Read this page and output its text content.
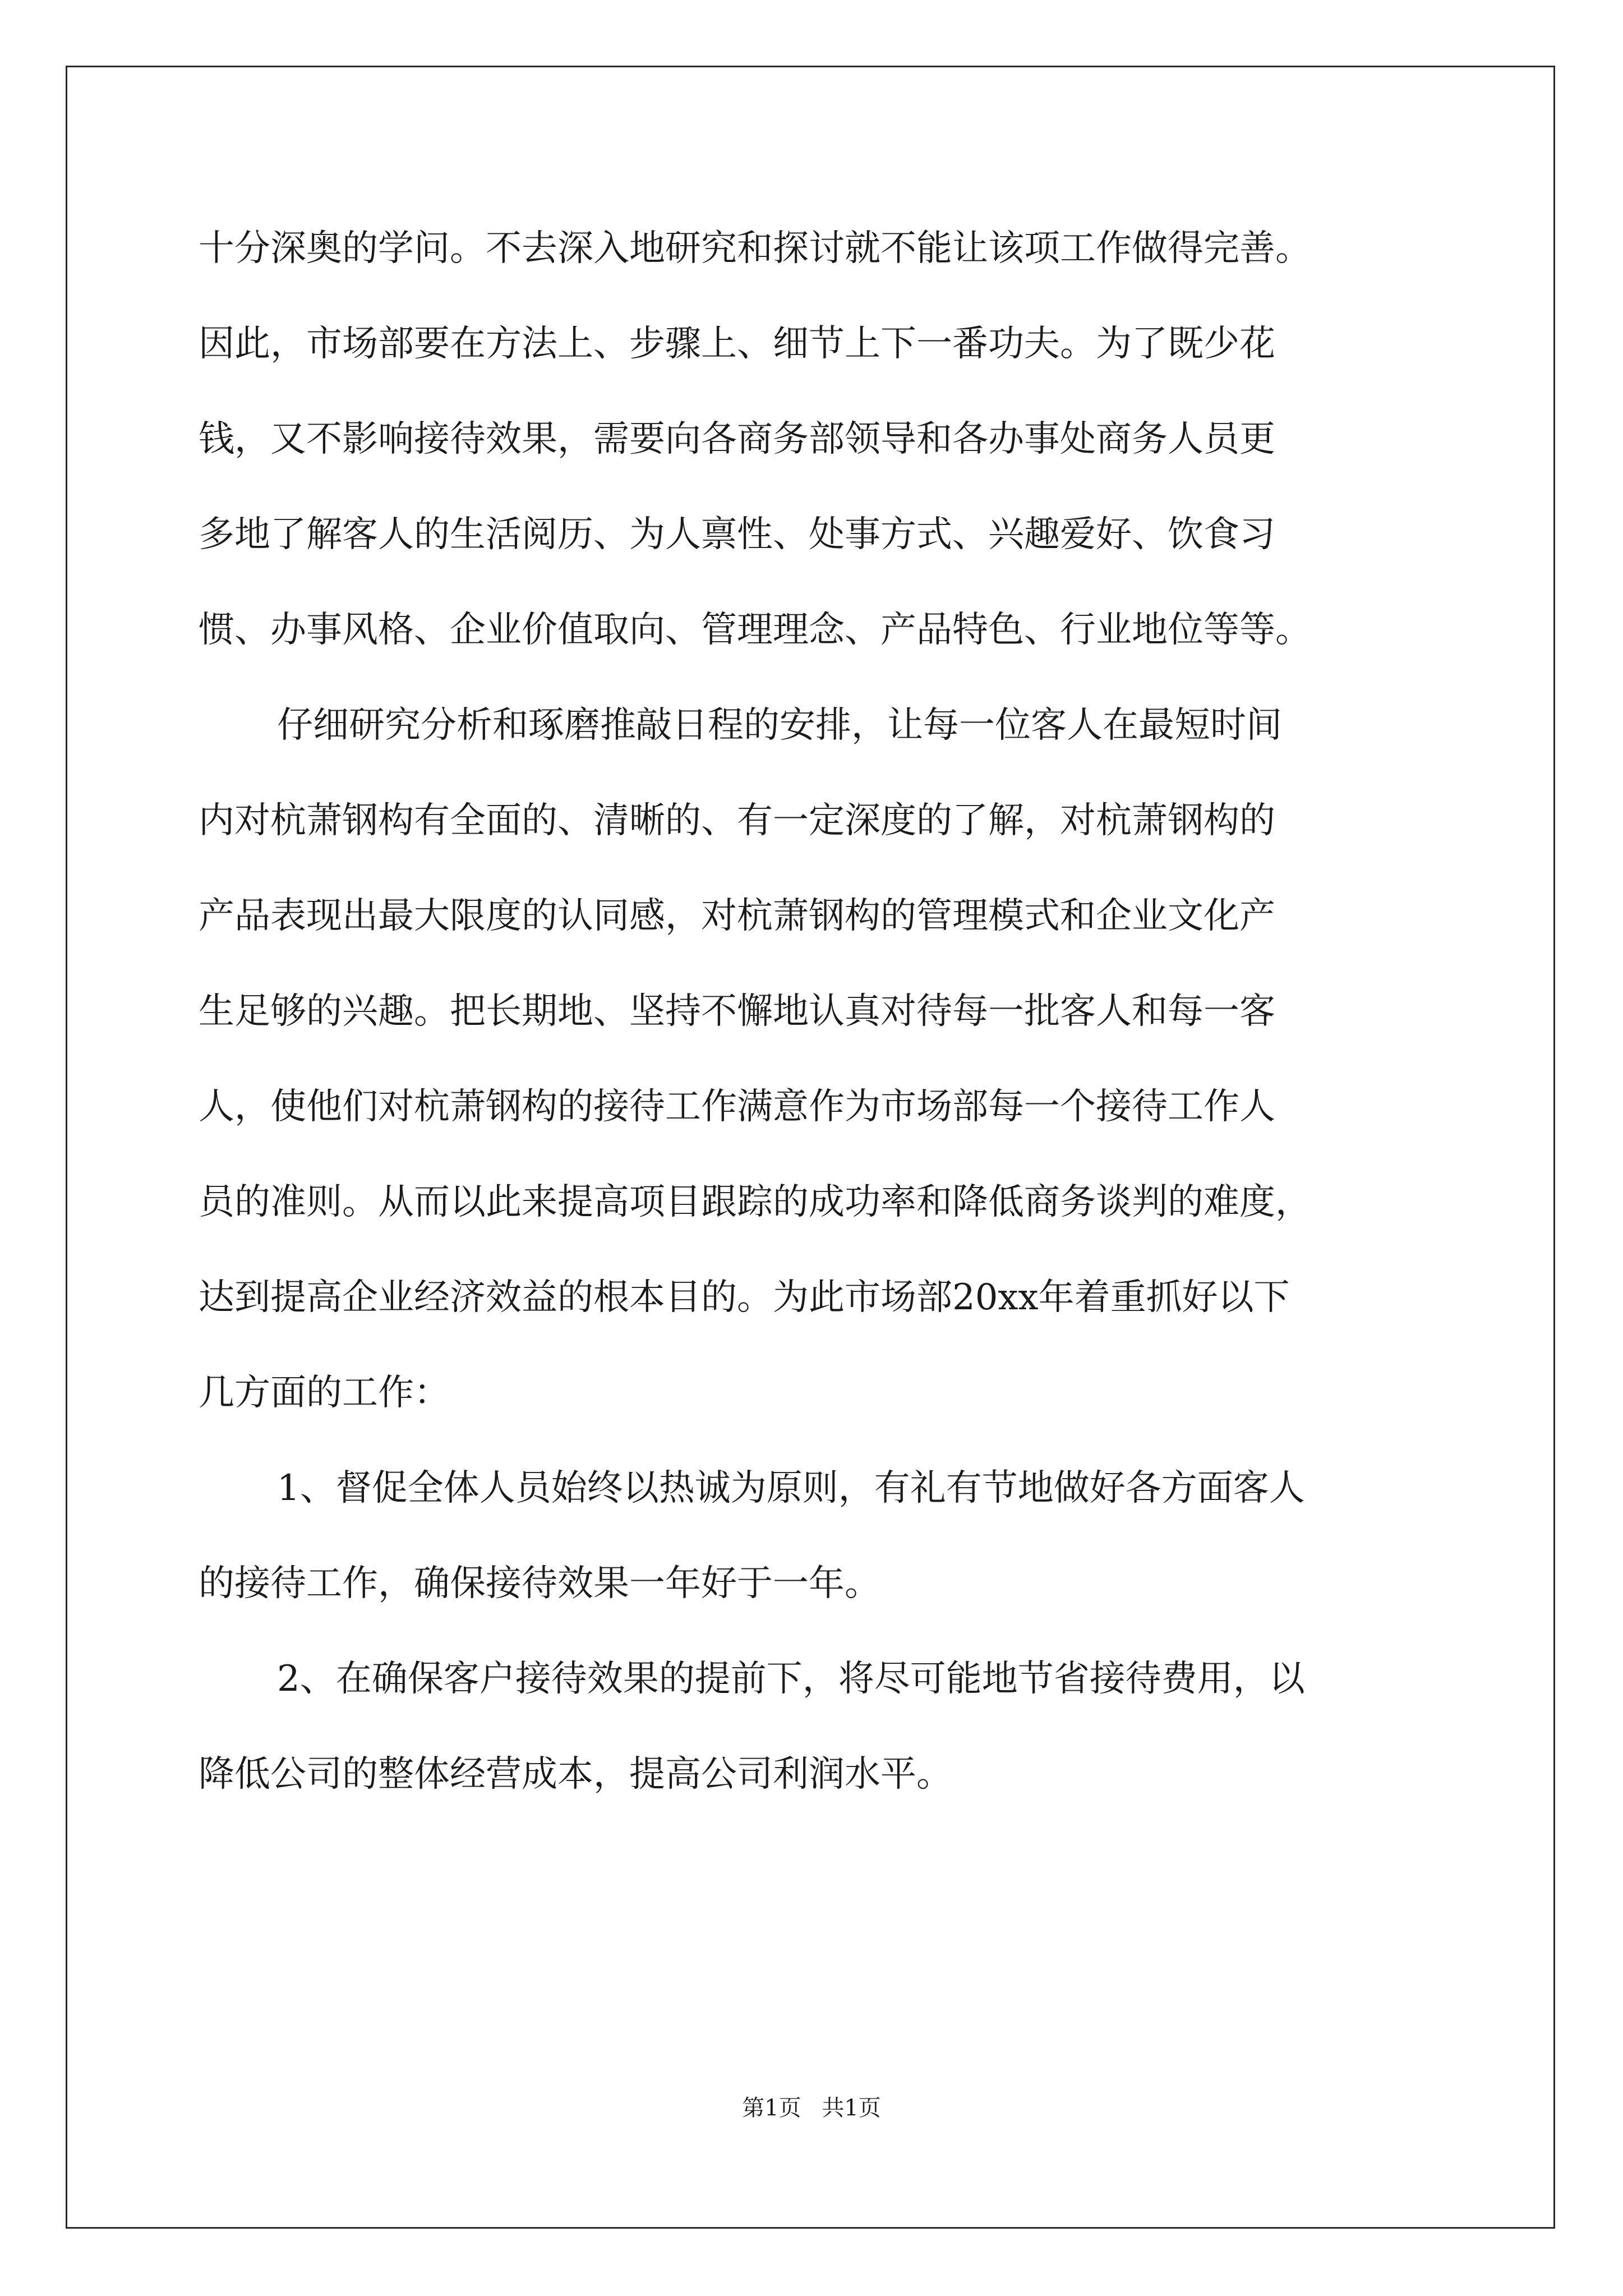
十分深奥的学问。不去深入地研究和探讨就不能让该项工作做得完善。
因此，市场部要在方法上、步骤上、细节上下一番功夫。为了既少花
钱，又不影响接待效果，需要向各商务部领导和各办事处商务人员更
多地了解客人的生活阅历、为人禀性、处事方式、兴趣爱好、饮食习
惯、办事风格、企业价值取向、管理理念、产品特色、行业地位等等。
仔细研究分析和琢磨推敲日程的安排，让每一位客人在最短时间
内对杭萧钢构有全面的、清晰的、有一定深度的了解，对杭萧钢构的
产品表现出最大限度的认同感，对杭萧钢构的管理模式和企业文化产
生足够的兴趣。把长期地、坚持不懈地认真对待每一批客人和每一客
人，使他们对杭萧钢构的接待工作满意作为市场部每一个接待工作人
员的准则。从而以此来提高项目跟踪的成功率和降低商务谈判的难度，
达到提高企业经济效益的根本目的。为此市场部20xx年着重抓好以下
几方面的工作：
1、督促全体人员始终以热诚为原则，有礼有节地做好各方面客人
的接待工作，确保接待效果一年好于一年。
2、在确保客户接待效果的提前下，将尽可能地节省接待费用，以
降低公司的整体经营成本，提高公司利润水平。
第1页 共1页
